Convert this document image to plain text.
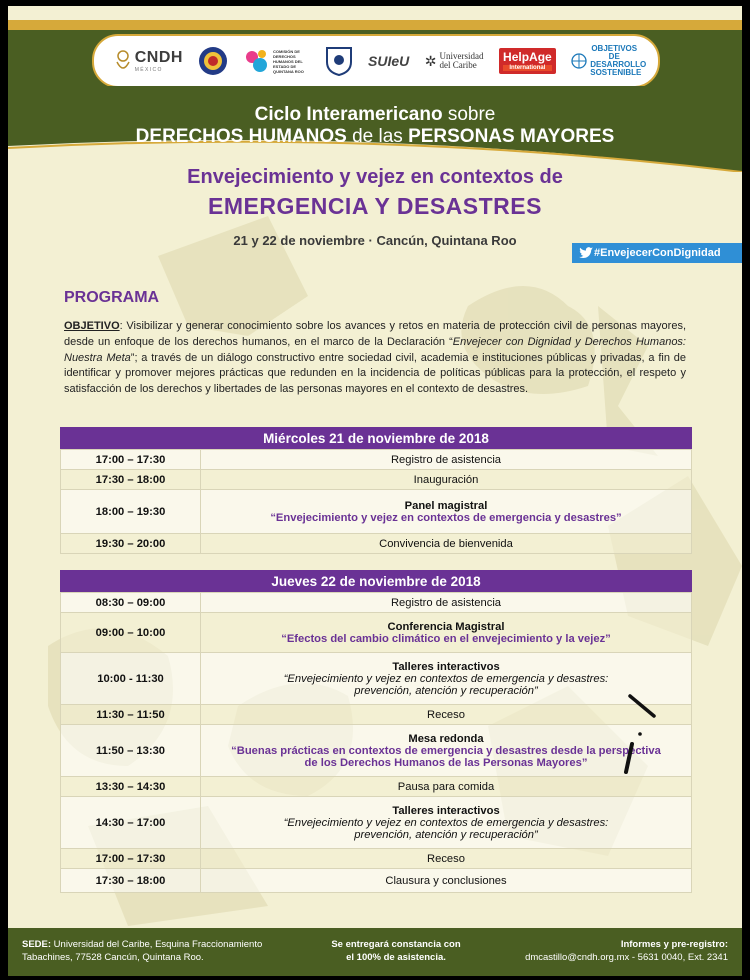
CNDH
M É X I C O
COMISIÓN DE DERECHOS HUMANOS DEL ESTADO DE QUINTANA ROO
SUIeU ✲ Universidad
del Caribe
HelpAge
International
OBJETIVOS DE DESARROLLO SOSTENIBLE
Ciclo Interamericano sobre
DERECHOS HUMANOS de las PERSONAS MAYORES
Envejecimiento y vejez en contextos de
EMERGENCIA Y DESASTRES
21 y 22 de noviembre · Cancún, Quintana Roo
#EnvejecerConDignidad
PROGRAMA
OBJETIVO: Visibilizar y generar conocimiento sobre los avances y retos en materia de protección civil de personas mayores, desde un enfoque de los derechos humanos, en el marco de la Declaración “Envejecer con Dignidad y Derechos Humanos: Nuestra Meta”; a través de un diálogo constructivo entre sociedad civil, academia e instituciones públicas y privadas, a fin de identificar y promover mejores prácticas que redunden en la incidencia de políticas públicas para la protección, el respeto y satisfacción de los derechos y libertades de las personas mayores en el contexto de desastres.
Miércoles 21 de noviembre de 2018
17:00 – 17:30	Registro de asistencia

17:30 – 18:00	Inauguración

18:00 – 19:30	Panel magistral
“Envejecimiento y vejez en contextos de emergencia y desastres”

19:30 – 20:00	Convivencia de bienvenida
Jueves 22 de noviembre de 2018
08:30 – 09:00	Registro de asistencia

09:00 – 10:00	Conferencia Magistral
“Efectos del cambio climático en el envejecimiento y la vejez”

10:00 - 11:30	Talleres interactivos
“Envejecimiento y vejez en contextos de emergencia y desastres:
prevención, atención y recuperación”

11:30 – 11:50	Receso

11:50 – 13:30	Mesa redonda
“Buenas prácticas en contextos de emergencia y desastres desde la perspectiva
de los Derechos Humanos de las Personas Mayores”

13:30 – 14:30	Pausa para comida

14:30 – 17:00	Talleres interactivos
“Envejecimiento y vejez en contextos de emergencia y desastres:
prevención, atención y recuperación”

17:00 – 17:30	Receso

17:30 – 18:00	Clausura y conclusiones
SEDE: Universidad del Caribe, Esquina Fraccionamiento
Tabachines, 77528 Cancún, Quintana Roo.
Se entregará constancia con
el 100% de asistencia.
Informes y pre-registro:
dmcastillo@cndh.org.mx - 5631 0040, Ext. 2341
